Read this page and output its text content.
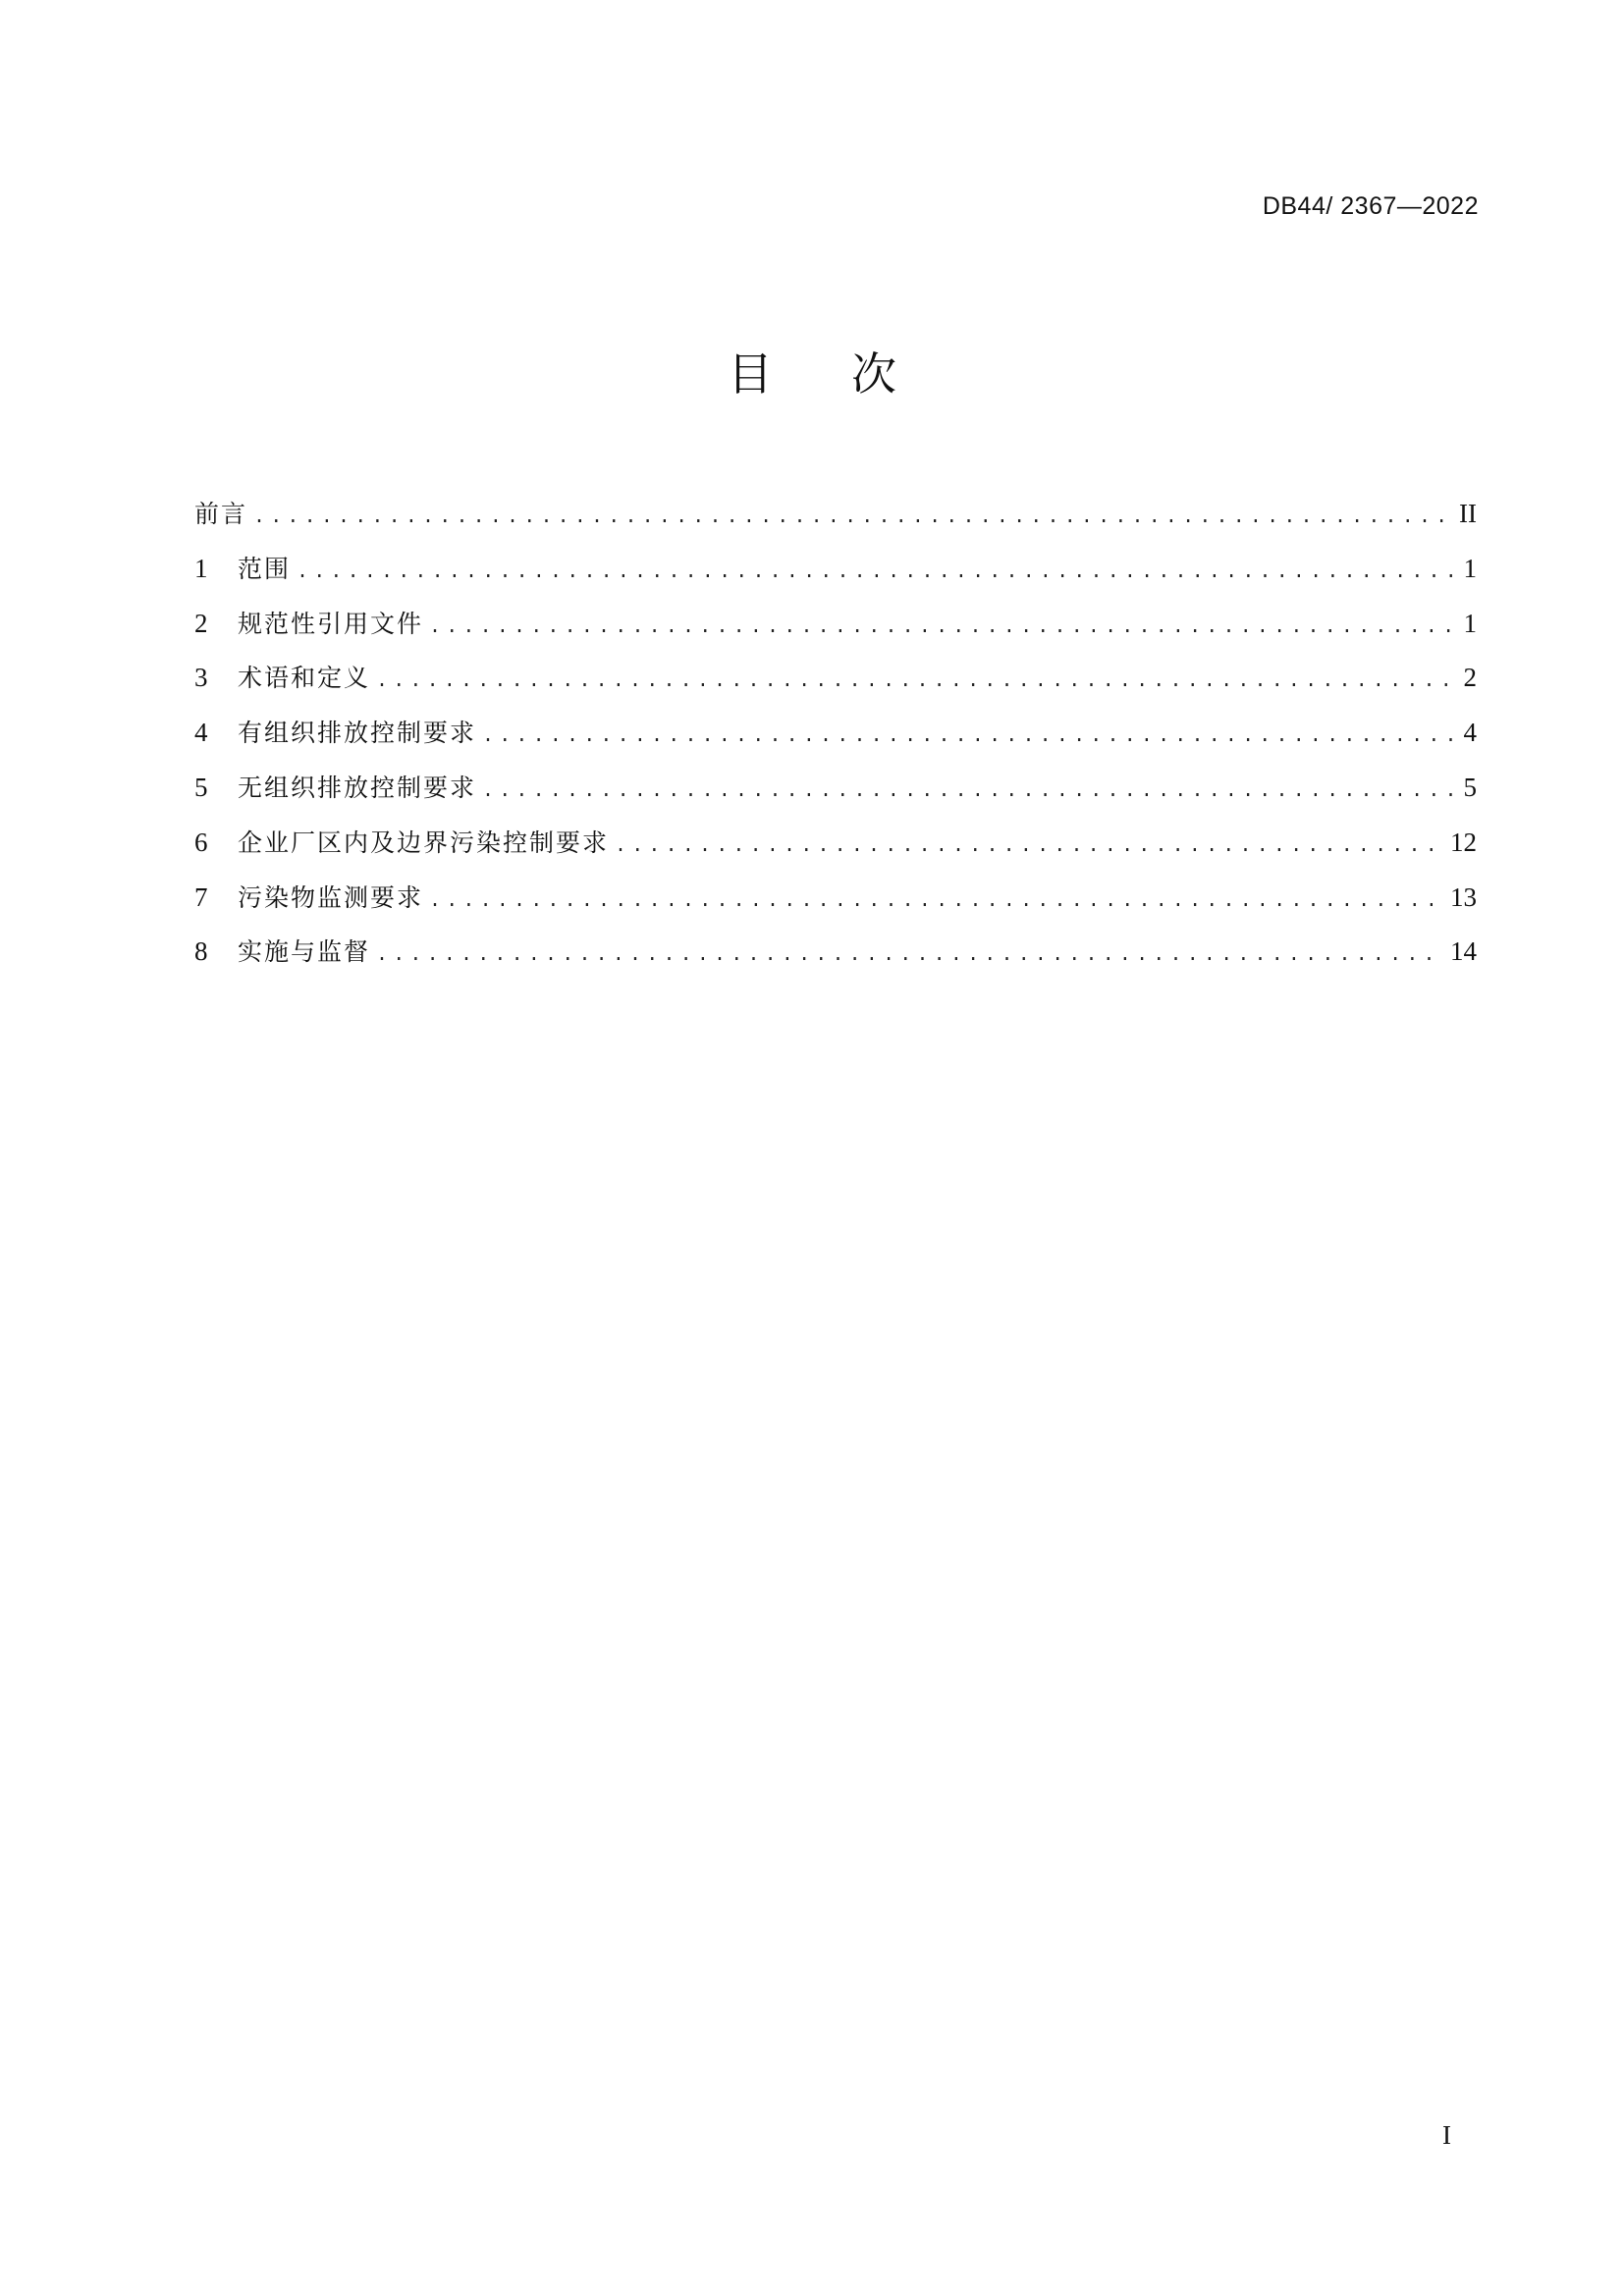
DB44/ 2367—2022
目次
前言 .....	II
1	范围 .....	1
2	规范性引用文件 .....	1
3	术语和定义 .....	2
4	有组织排放控制要求 .....	4
5	无组织排放控制要求 .....	5
6	企业厂区内及边界污染控制要求 .....	12
7	污染物监测要求 .....	13
8	实施与监督 .....	14
I
